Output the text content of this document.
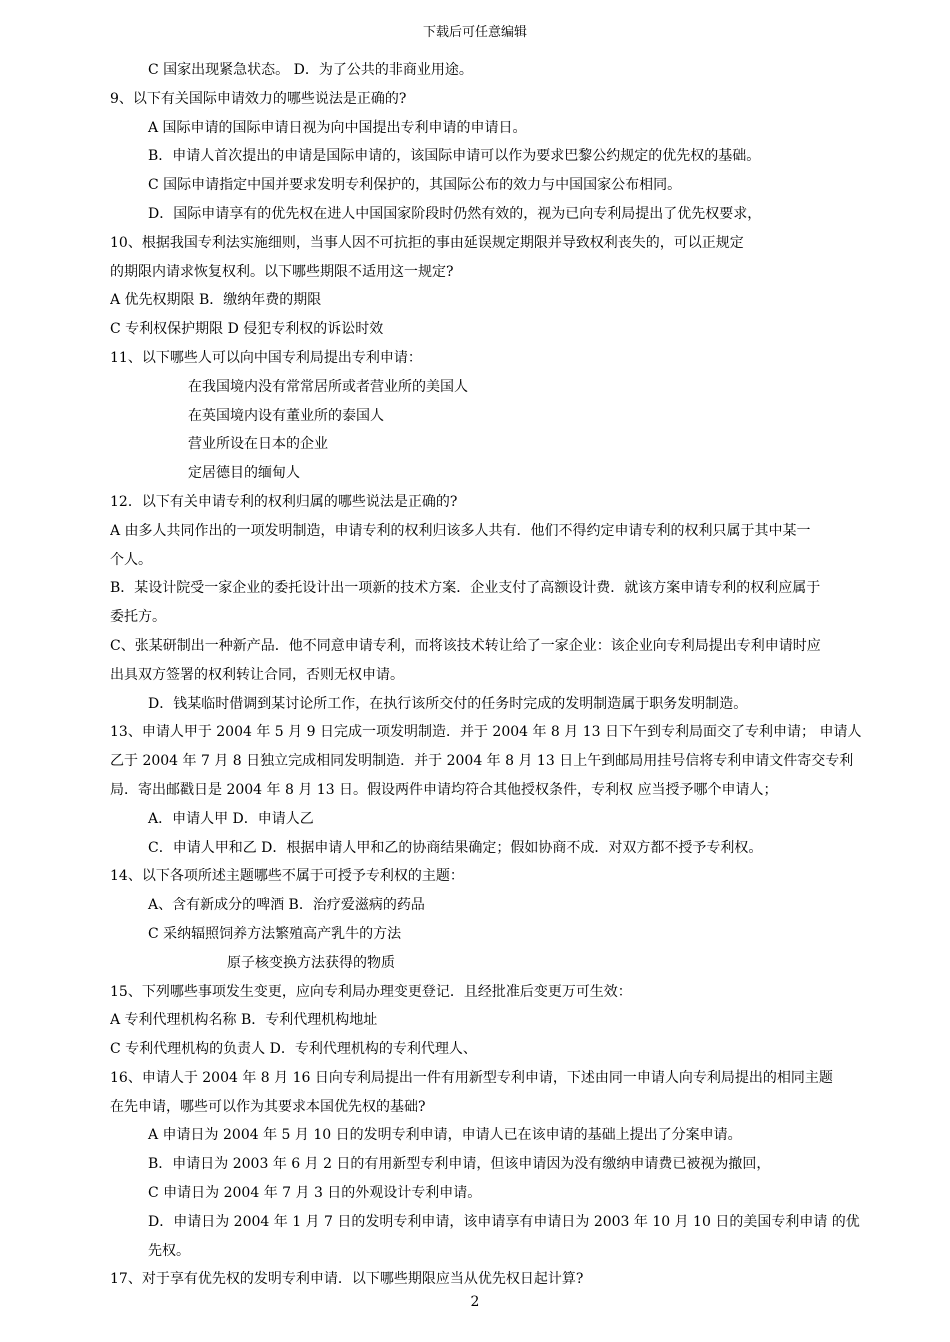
下载后可任意编辑
C 国家出现紧急状态。 D．为了公共的非商业用途。
9、以下有关国际申请效力的哪些说法是正确的?
A 国际申请的国际申请日视为向中国提出专利申请的申请日。
B．申请人首次提出的申请是国际申请的，该国际申请可以作为要求巴黎公约规定的优先权的基础。
C 国际申请指定中国并要求发明专利保护的，其国际公布的效力与中国国家公布相同。
D．国际申请享有的优先权在进人中国国家阶段时仍然有效的，视为已向专利局提出了优先权要求，
10、根据我国专利法实施细则，当事人因不可抗拒的事由延误规定期限并导致权利丧失的，可以正规定
的期限内请求恢复权利。以下哪些期限不适用这一规定?
A 优先权期限 B．缴纳年费的期限
C 专利权保护期限 D 侵犯专利权的诉讼时效
11、以下哪些人可以向中国专利局提出专利申请：
在我国境内没有常常居所或者营业所的美国人
在英国境内设有董业所的泰国人
营业所设在日本的企业
定居德目的缅甸人
12．以下有关申请专利的权利归属的哪些说法是正确的?
A 由多人共同作出的一项发明制造，申请专利的权利归该多人共有．他们不得约定申请专利的权利只属于其中某一
个人。
B．某设计院受一家企业的委托设计出一项新的技术方案．企业支付了高额设计费．就该方案申请专利的权利应属于
委托方。
C、张某研制出一种新产品．他不同意申请专利，而将该技术转让给了一家企业：该企业向专利局提出专利申请时应
出具双方签署的权利转让合同，否则无权申请。
D．钱某临时借调到某讨论所工作，在执行该所交付的任务时完成的发明制造属于职务发明制造。
13、申请人甲于 2004 年 5 月 9 日完成一项发明制造．并于 2004 年 8 月 13 日下午到专利局面交了专利申请； 申请人
乙于 2004 年 7 月 8 日独立完成相同发明制造．并于 2004 年 8 月 13 日上午到邮局用挂号信将专利申请文件寄交专利
局．寄出邮戳日是 2004 年 8 月 13 日。假设两件申请均符合其他授权条件，专利权 应当授予哪个申请人；
A．申请人甲 D．申请人乙
C．申请人甲和乙 D．根据申请人甲和乙的协商结果确定；假如协商不成．对双方都不授予专利权。
14、以下各项所述主题哪些不属于可授予专利权的主题：
A、含有新成分的啤酒 B．治疗爱滋病的药品
C 采纳辐照饲养方法繁殖高产乳牛的方法
原子核变换方法获得的物质
15、下列哪些事项发生变更，应向专利局办理变更登记．且经批准后变更万可生效：
A 专利代理机构名称 B．专利代理机构地址
C 专利代理机构的负责人 D．专利代理机构的专利代理人、
16、申请人于 2004 年 8 月 16 日向专利局提出一件有用新型专利申请，下述由同一申请人向专利局提出的相同主题
在先申请，哪些可以作为其要求本国优先权的基础?
A 申请日为 2004 年 5 月 10 日的发明专利申请，申请人已在该申请的基础上提出了分案申请。
B．申请日为 2003 年 6 月 2 日的有用新型专利申请，但该申请因为没有缴纳申请费已被视为撤回，
C 申请日为 2004 年 7 月 3 日的外观设计专利申请。
D．申请日为 2004 年 1 月 7 日的发明专利申请，该申请享有申请日为 2003 年 10 月 10 日的美国专利申请 的优
先权。
17、对于享有优先权的发明专利申请．以下哪些期限应当从优先权日起计算?
2
